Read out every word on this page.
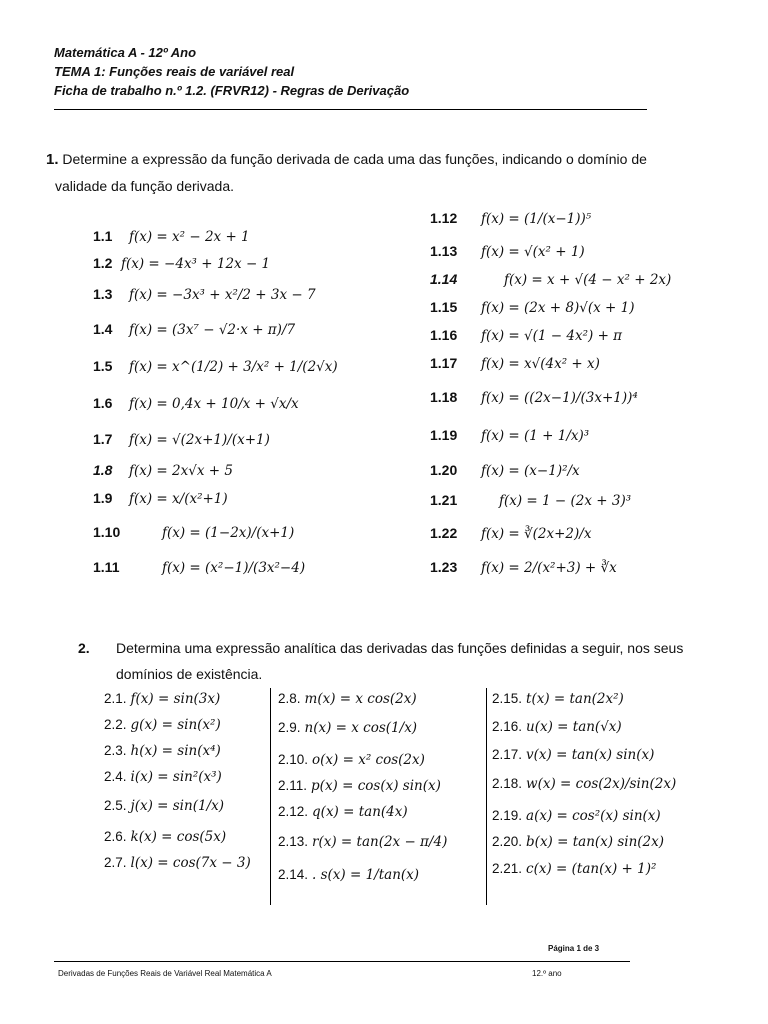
Matemática A - 12º Ano
TEMA 1: Funções reais de variável real
Ficha de trabalho n.º 1.2. (FRVR12) - Regras de Derivação
1. Determine a expressão da função derivada de cada uma das funções, indicando o domínio de
validade da função derivada.
1.1 f(x) = x² − 2x + 1
1.2 f(x) = −4x³ + 12x − 1
1.3 f(x) = −3x³ + x²/2 + 3x − 7
1.4 f(x) = (3x⁷ − √2·x + π)/7
1.5 f(x) = x^(1/2) + 3/x² + 1/(2√x)
1.6 f(x) = 0,4x + 10/x + √x/x
1.7 f(x) = √(2x+1)/(x+1)
1.8 f(x) = 2x√x + 5
1.9 f(x) = x/(x²+1)
1.10	f(x) = (1−2x)/(x+1)
1.11	f(x) = (x²−1)/(3x²−4)
1.12 f(x) = (1/(x−1))⁵
1.13 f(x) = √(x² + 1)
1.14	f(x) = x + √(4 − x² + 2x)
1.15 f(x) = (2x + 8)√(x + 1)
1.16 f(x) = √(1 − 4x²) + π
1.17 f(x) = x√(4x² + x)
1.18 f(x) = ((2x−1)/(3x+1))⁴
1.19 f(x) = (1 + 1/x)³
1.20 f(x) = (x−1)²/x
1.21	f(x) = 1 − (2x + 3)³
1.22 f(x) = ∛(2x+2)/x
1.23 f(x) = 2/(x²+3) + ∛x
2. Determina uma expressão analítica das derivadas das funções definidas a seguir, nos seus
domínios de existência.
2.1. f(x) = sin(3x)
2.2. g(x) = sin(x²)
2.3. h(x) = sin(x⁴)
2.4. i(x) = sin²(x³)
2.5. j(x) = sin(1/x)
2.6. k(x) = cos(5x)
2.7. l(x) = cos(7x − 3)
2.8. m(x) = x cos(2x)
2.9. n(x) = x cos(1/x)
2.10. o(x) = x² cos(2x)
2.11. p(x) = cos(x) sin(x)
2.12. q(x) = tan(4x)
2.13. r(x) = tan(2x − π/4)
2.14. . s(x) = 1/tan(x)
2.15. t(x) = tan(2x²)
2.16. u(x) = tan(√x)
2.17. v(x) = tan(x) sin(x)
2.18. w(x) = cos(2x)/sin(2x)
2.19. a(x) = cos²(x) sin(x)
2.20. b(x) = tan(x) sin(2x)
2.21. c(x) = (tan(x) + 1)²
Página 1 de 3
Derivadas de Funções Reais de Variável Real Matemática A	12.º ano
